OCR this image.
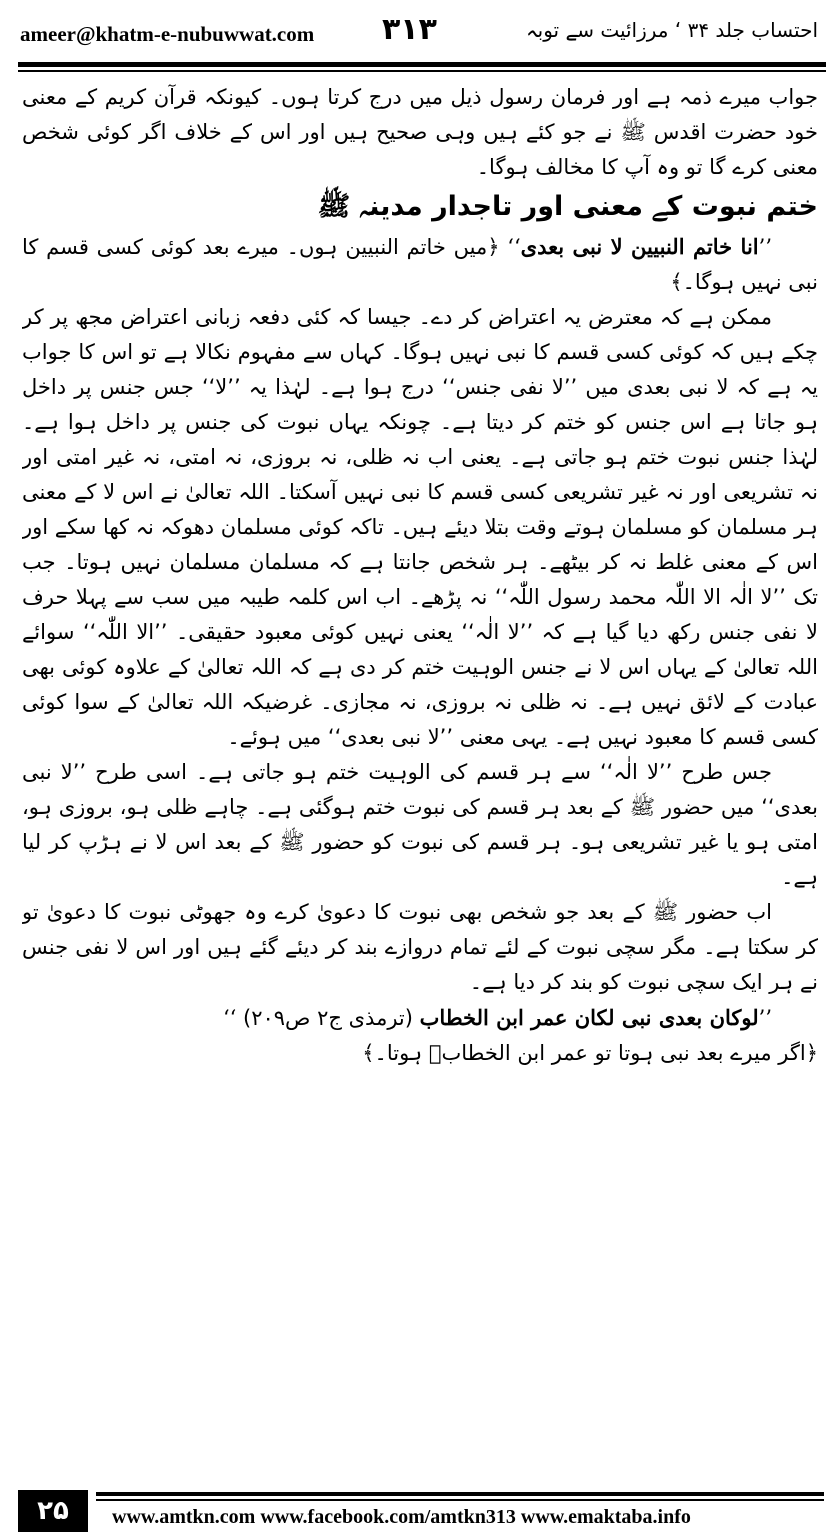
ameer@khatm-e-nubuwwat.com ۳۱۳	احتساب جلد ۳۴ ‘ مرزائیت سے توبہ

جواب میرے ذمہ ہے اور فرمان رسول ذیل میں درج کرتا ہوں۔ کیونکہ قرآن کریم کے معنی خود حضرت اقدس ﷺ نے جو کئے ہیں وہی صحیح ہیں اور اس کے خلاف اگر کوئی شخص معنی کرے گا تو وہ آپ کا مخالف ہوگا۔

ختم نبوت کے معنی اور تاجدار مدینہ ﷺ

’’انا خاتم النبیین لا نبی بعدی‘‘ ﴿میں خاتم النبیین ہوں۔ میرے بعد کوئی کسی قسم کا نبی نہیں ہوگا۔﴾

ممکن ہے کہ معترض یہ اعتراض کر دے۔ جیسا کہ کئی دفعہ زبانی اعتراض مجھ پر کر چکے ہیں کہ کوئی کسی قسم کا نبی نہیں ہوگا۔ کہاں سے مفہوم نکالا ہے تو اس کا جواب یہ ہے کہ لا نبی بعدی میں ’’لا نفی جنس‘‘ درج ہوا ہے۔ لہٰذا یہ ’’لا‘‘ جس جنس پر داخل ہو جاتا ہے اس جنس کو ختم کر دیتا ہے۔ چونکہ یہاں نبوت کی جنس پر داخل ہوا ہے۔ لہٰذا جنس نبوت ختم ہو جاتی ہے۔ یعنی اب نہ ظلی، نہ بروزی، نہ امتی، نہ غیر امتی اور نہ تشریعی اور نہ غیر تشریعی کسی قسم کا نبی نہیں آسکتا۔ اللہ تعالیٰ نے اس لا کے معنی ہر مسلمان کو مسلمان ہوتے وقت بتلا دیئے ہیں۔ تاکہ کوئی مسلمان دھوکہ نہ کھا سکے اور اس کے معنی غلط نہ کر بیٹھے۔ ہر شخص جانتا ہے کہ مسلمان مسلمان نہیں ہوتا۔ جب تک ’’لا الٰہ الا اللّٰہ محمد رسول اللّٰہ‘‘ نہ پڑھے۔ اب اس کلمہ طیبہ میں سب سے پہلا حرف لا نفی جنس رکھ دیا گیا ہے کہ ’’لا الٰہ‘‘ یعنی نہیں کوئی معبود حقیقی۔ ’’الا اللّٰہ‘‘ سوائے اللہ تعالیٰ کے یہاں اس لا نے جنس الوہیت ختم کر دی ہے کہ اللہ تعالیٰ کے علاوہ کوئی بھی عبادت کے لائق نہیں ہے۔ نہ ظلی نہ بروزی، نہ مجازی۔ غرضیکہ اللہ تعالیٰ کے سوا کوئی کسی قسم کا معبود نہیں ہے۔ یہی معنی ’’لا نبی بعدی‘‘ میں ہوئے۔

جس طرح ’’لا الٰہ‘‘ سے ہر قسم کی الوہیت ختم ہو جاتی ہے۔ اسی طرح ’’لا نبی بعدی‘‘ میں حضور ﷺ کے بعد ہر قسم کی نبوت ختم ہوگئی ہے۔ چاہے ظلی ہو، بروزی ہو، امتی ہو یا غیر تشریعی ہو۔ ہر قسم کی نبوت کو حضور ﷺ کے بعد اس لا نے ہڑپ کر لیا ہے۔

اب حضور ﷺ کے بعد جو شخص بھی نبوت کا دعویٰ کرے وہ جھوٹی نبوت کا دعویٰ تو کر سکتا ہے۔ مگر سچی نبوت کے لئے تمام دروازے بند کر دیئے گئے ہیں اور اس لا نفی جنس نے ہر ایک سچی نبوت کو بند کر دیا ہے۔

’’لوکان بعدی نبی لکان عمر ابن الخطاب (ترمذی ج۲ ص۲۰۹) ‘‘

﴿اگر میرے بعد نبی ہوتا تو عمر ابن الخطابؓ ہوتا۔﴾

۲۵	www.amtkn.com www.facebook.com/amtkn313 www.emaktaba.info
